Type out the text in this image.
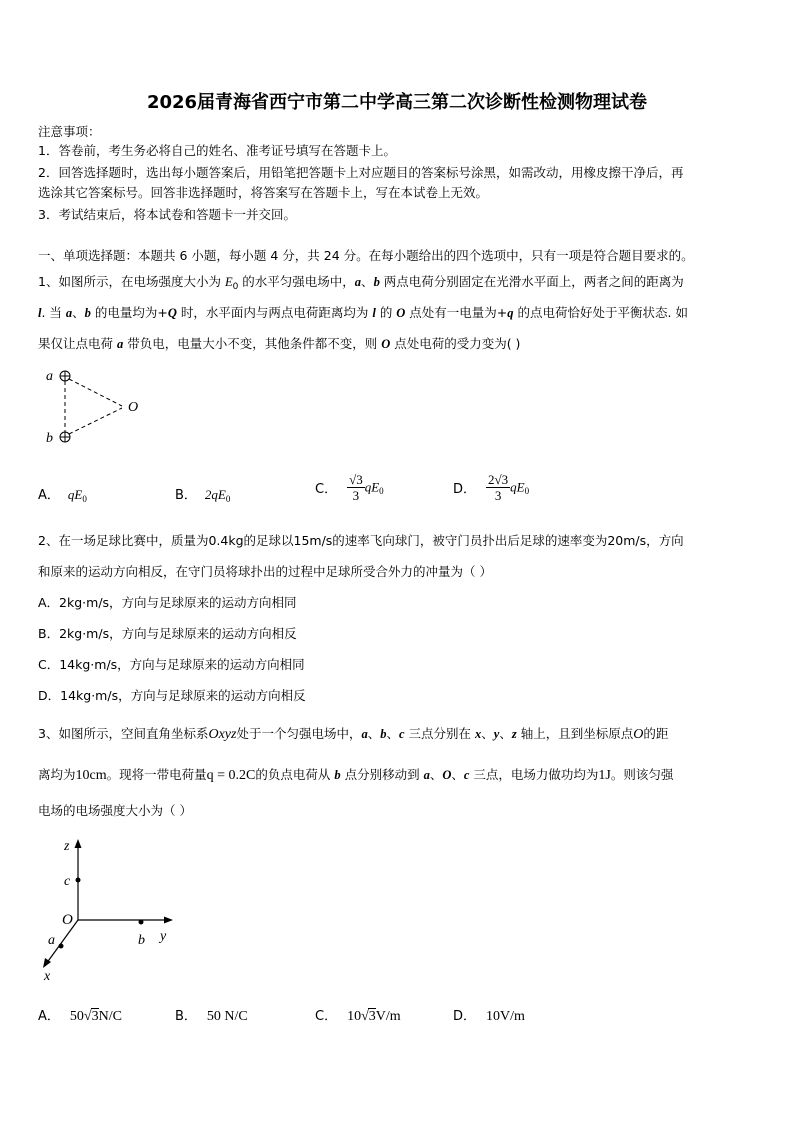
2026届青海省西宁市第二中学高三第二次诊断性检测物理试卷
注意事项：
1．答卷前，考生务必将自己的姓名、准考证号填写在答题卡上。
2．回答选择题时，选出每小题答案后，用铅笔把答题卡上对应题目的答案标号涂黑，如需改动，用橡皮擦干净后，再
选涂其它答案标号。回答非选择题时，将答案写在答题卡上，写在本试卷上无效。
3．考试结束后，将本试卷和答题卡一并交回。
一、单项选择题：本题共 6 小题，每小题 4 分，共 24 分。在每小题给出的四个选项中，只有一项是符合题目要求的。
1、如图所示，在电场强度大小为 $E_0$ 的水平匀强电场中，a、b 两点电荷分别固定在光滑水平面上，两者之间的距离为
l. 当 a、b 的电量均为+Q 时，水平面内与两点电荷距离均为 l 的 O 点处有一电量为+q 的点电荷恰好处于平衡状态. 如
果仅让点电荷 a 带负电，电量大小不变，其他条件都不变，则 O 点处电荷的受力变为( )
a
b
O
A． $qE_0$	B． $2qE_0$
C． $\frac{√3}{3} qE_0$	D． $\frac{2√3}{3} qE_0$
2、在一场足球比赛中，质量为0.4kg的足球以15m/s的速率飞向球门，被守门员扑出后足球的速率变为20m/s，方向
和原来的运动方向相反，在守门员将球扑出的过程中足球所受合外力的冲量为（ ）
A．2kg·m/s，方向与足球原来的运动方向相同
B．2kg·m/s，方向与足球原来的运动方向相反
C．14kg·m/s，方向与足球原来的运动方向相同
D．14kg·m/s，方向与足球原来的运动方向相反
3、如图所示，空间直角坐标系Oxyz处于一个匀强电场中，a、b、c 三点分别在 x、y、z 轴上，且到坐标原点O的距
离均为10cm。现将一带电荷量q = 0.2C的负点电荷从 b 点分别移动到 a、O、c 三点，电场力做功均为1J。则该匀强
电场的电场强度大小为（ ）
z
c
O
a	b y
x
A． 50√3N/C	B． 50 N/C	C． 10√3V/m	D． 10V/m
